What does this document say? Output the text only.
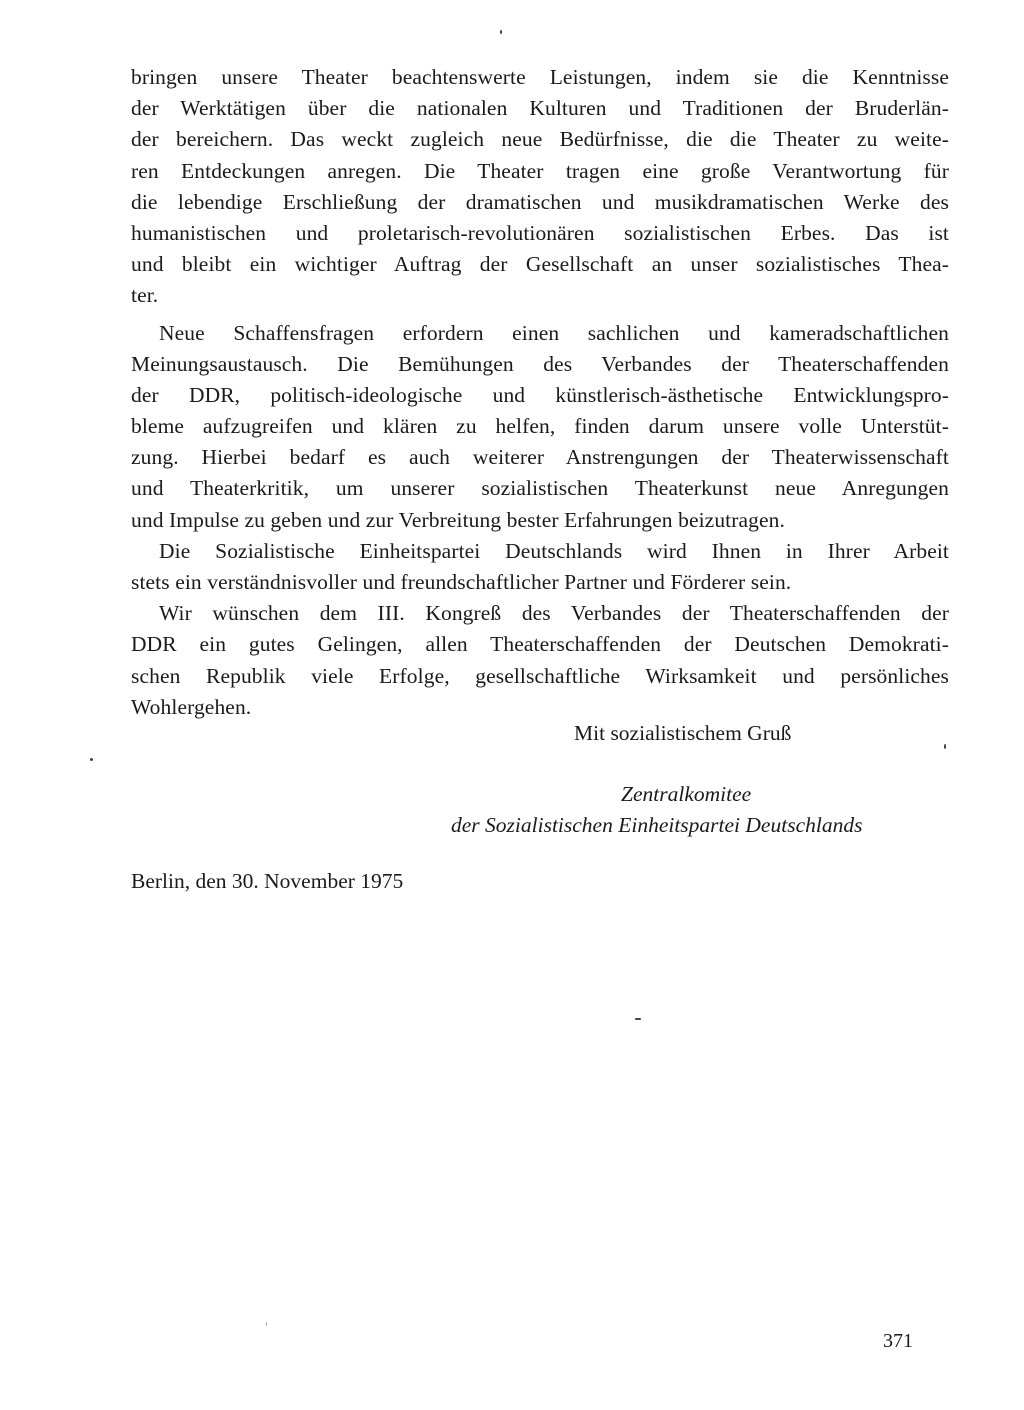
bringen unsere Theater beachtenswerte Leistungen, indem sie die Kenntnisse
der Werktätigen über die nationalen Kulturen und Traditionen der Bruderlän-
der bereichern. Das weckt zugleich neue Bedürfnisse, die die Theater zu weite-
ren Entdeckungen anregen. Die Theater tragen eine große Verantwortung für
die lebendige Erschließung der dramatischen und musikdramatischen Werke des
humanistischen und proletarisch-revolutionären sozialistischen Erbes. Das ist
und bleibt ein wichtiger Auftrag der Gesellschaft an unser sozialistisches Thea-
ter.
Neue Schaffensfragen erfordern einen sachlichen und kameradschaftlichen
Meinungsaustausch. Die Bemühungen des Verbandes der Theaterschaffenden
der DDR, politisch-ideologische und künstlerisch-ästhetische Entwicklungspro-
bleme aufzugreifen und klären zu helfen, finden darum unsere volle Unterstüt-
zung. Hierbei bedarf es auch weiterer Anstrengungen der Theaterwissenschaft
und Theaterkritik, um unserer sozialistischen Theaterkunst neue Anregungen
und Impulse zu geben und zur Verbreitung bester Erfahrungen beizutragen.
Die Sozialistische Einheitspartei Deutschlands wird Ihnen in Ihrer Arbeit
stets ein verständnisvoller und freundschaftlicher Partner und Förderer sein.
Wir wünschen dem III. Kongreß des Verbandes der Theaterschaffenden der
DDR ein gutes Gelingen, allen Theaterschaffenden der Deutschen Demokrati-
schen Republik viele Erfolge, gesellschaftliche Wirksamkeit und persönliches
Wohlergehen.
Mit sozialistischem Gruß
Zentralkomitee
der Sozialistischen Einheitspartei Deutschlands
Berlin, den 30. November 1975
371
